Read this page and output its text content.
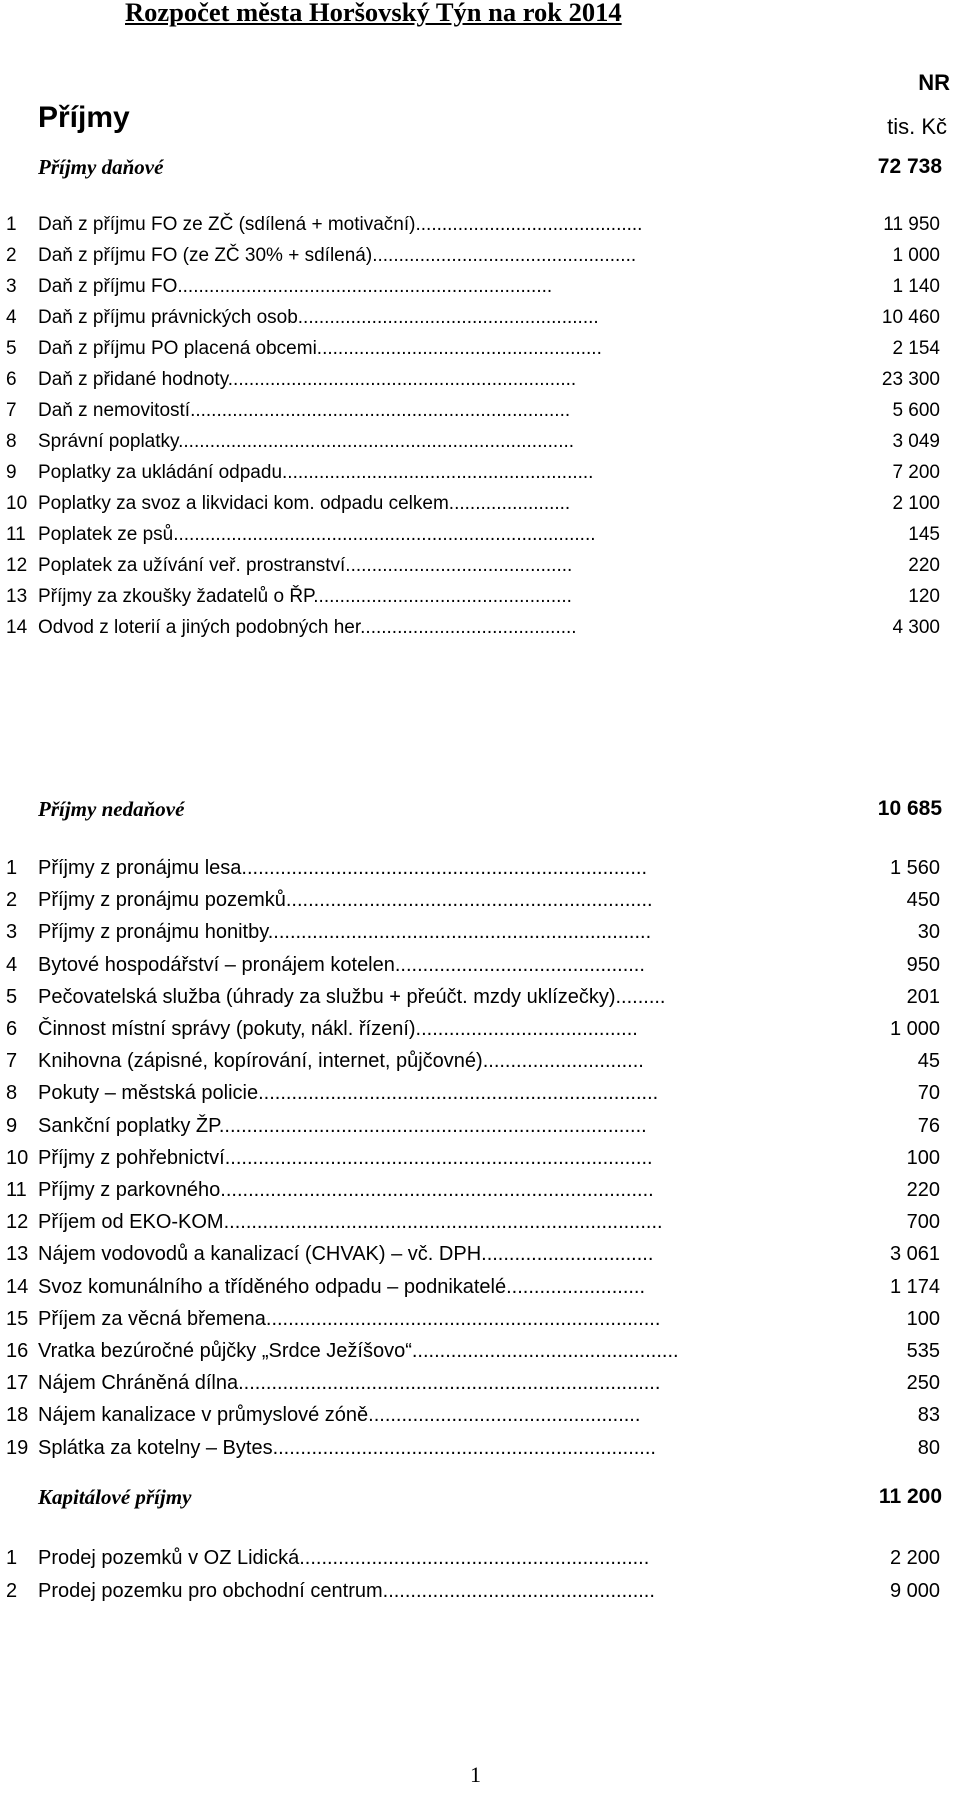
Rozpočet města Horšovský Týn na rok 2014
NR
Příjmy	tis. Kč
Příjmy daňové	72 738
1	Daň z příjmu FO ze ZČ (sdílená + motivační)...........................................	11 950
2	Daň z příjmu FO (ze ZČ 30% + sdílená)..................................................	1 000
3	Daň z příjmu FO.......................................................................	1 140
4	Daň z příjmu právnických osob.........................................................	10 460
5	Daň z příjmu PO placená obcemi......................................................	2 154
6	Daň z přidané hodnoty..................................................................	23 300
7	Daň z nemovitostí........................................................................	5 600
8	Správní poplatky...........................................................................	3 049
9	Poplatky za ukládání odpadu...........................................................	7 200
10 Poplatky za svoz a likvidaci kom. odpadu celkem.......................	2 100
11 Poplatek ze psů................................................................................	145
12 Poplatek za užívání veř. prostranství...........................................	220
13 Příjmy za zkoušky žadatelů o ŘP.................................................	120
14 Odvod z loterií a jiných podobných her.........................................	4 300
Příjmy nedaňové	10 685
1	Příjmy z pronájmu lesa.........................................................................	1 560
2	Příjmy z pronájmu pozemků..................................................................	450
3	Příjmy z pronájmu honitby.....................................................................	30
4	Bytové hospodářství – pronájem kotelen.............................................	950
5	Pečovatelská služba (úhrady za službu + přeúčt. mzdy uklízečky).........	201
6	Činnost místní správy (pokuty, nákl. řízení)........................................	1 000
7	Knihovna (zápisné, kopírování, internet, půjčovné).............................	45
8	Pokuty – městská policie........................................................................	70
9	Sankční poplatky ŽP.............................................................................	76
10 Příjmy z pohřebnictví.............................................................................	100
11 Příjmy z parkovného..............................................................................	220
12 Příjem od EKO-KOM...............................................................................	700
13 Nájem vodovodů a kanalizací (CHVAK) – vč. DPH...............................	3 061
14 Svoz komunálního a tříděného odpadu – podnikatelé.........................	1 174
15 Příjem za věcná břemena.......................................................................	100
16 Vratka bezúročné půjčky „Srdce Ježíšovo“................................................	535
17 Nájem Chráněná dílna............................................................................	250
18 Nájem kanalizace v průmyslové zóně.................................................	83
19 Splátka za kotelny – Bytes.....................................................................	80
Kapitálové příjmy	11 200
1	Prodej pozemků v OZ Lidická...............................................................	2 200
2	Prodej pozemku pro obchodní centrum.................................................	9 000
1
